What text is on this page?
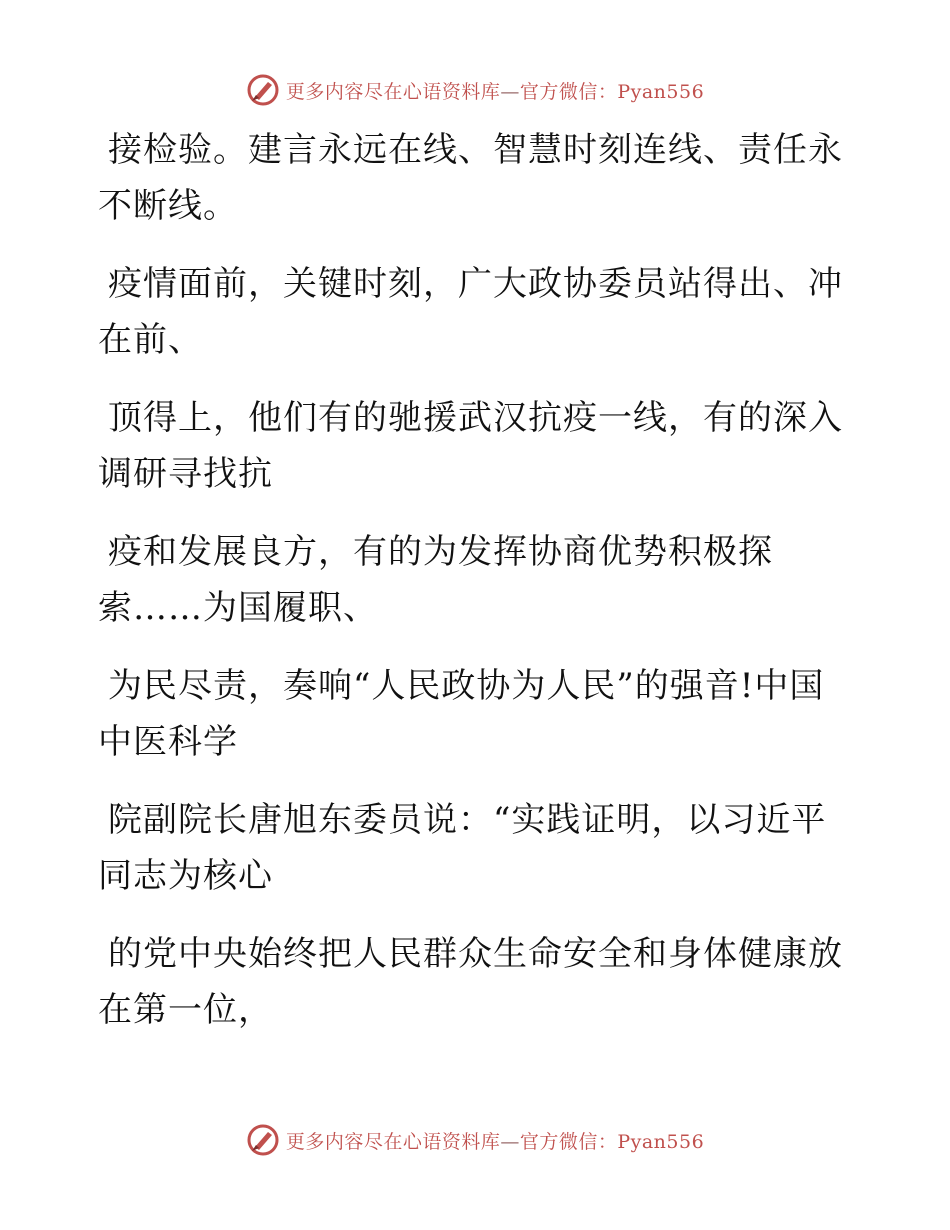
更多内容尽在心语资料库—官方微信：Pyan556

接检验。建言永远在线、智慧时刻连线、责任永
不断线。

疫情面前，关键时刻，广大政协委员站得出、冲
在前、

顶得上，他们有的驰援武汉抗疫一线，有的深入
调研寻找抗

疫和发展良方，有的为发挥协商优势积极探
索……为国履职、

为民尽责，奏响“人民政协为人民”的强音!中国
中医科学

院副院长唐旭东委员说：“实践证明，以习近平
同志为核心

的党中央始终把人民群众生命安全和身体健康放
在第一位，

更多内容尽在心语资料库—官方微信：Pyan556
